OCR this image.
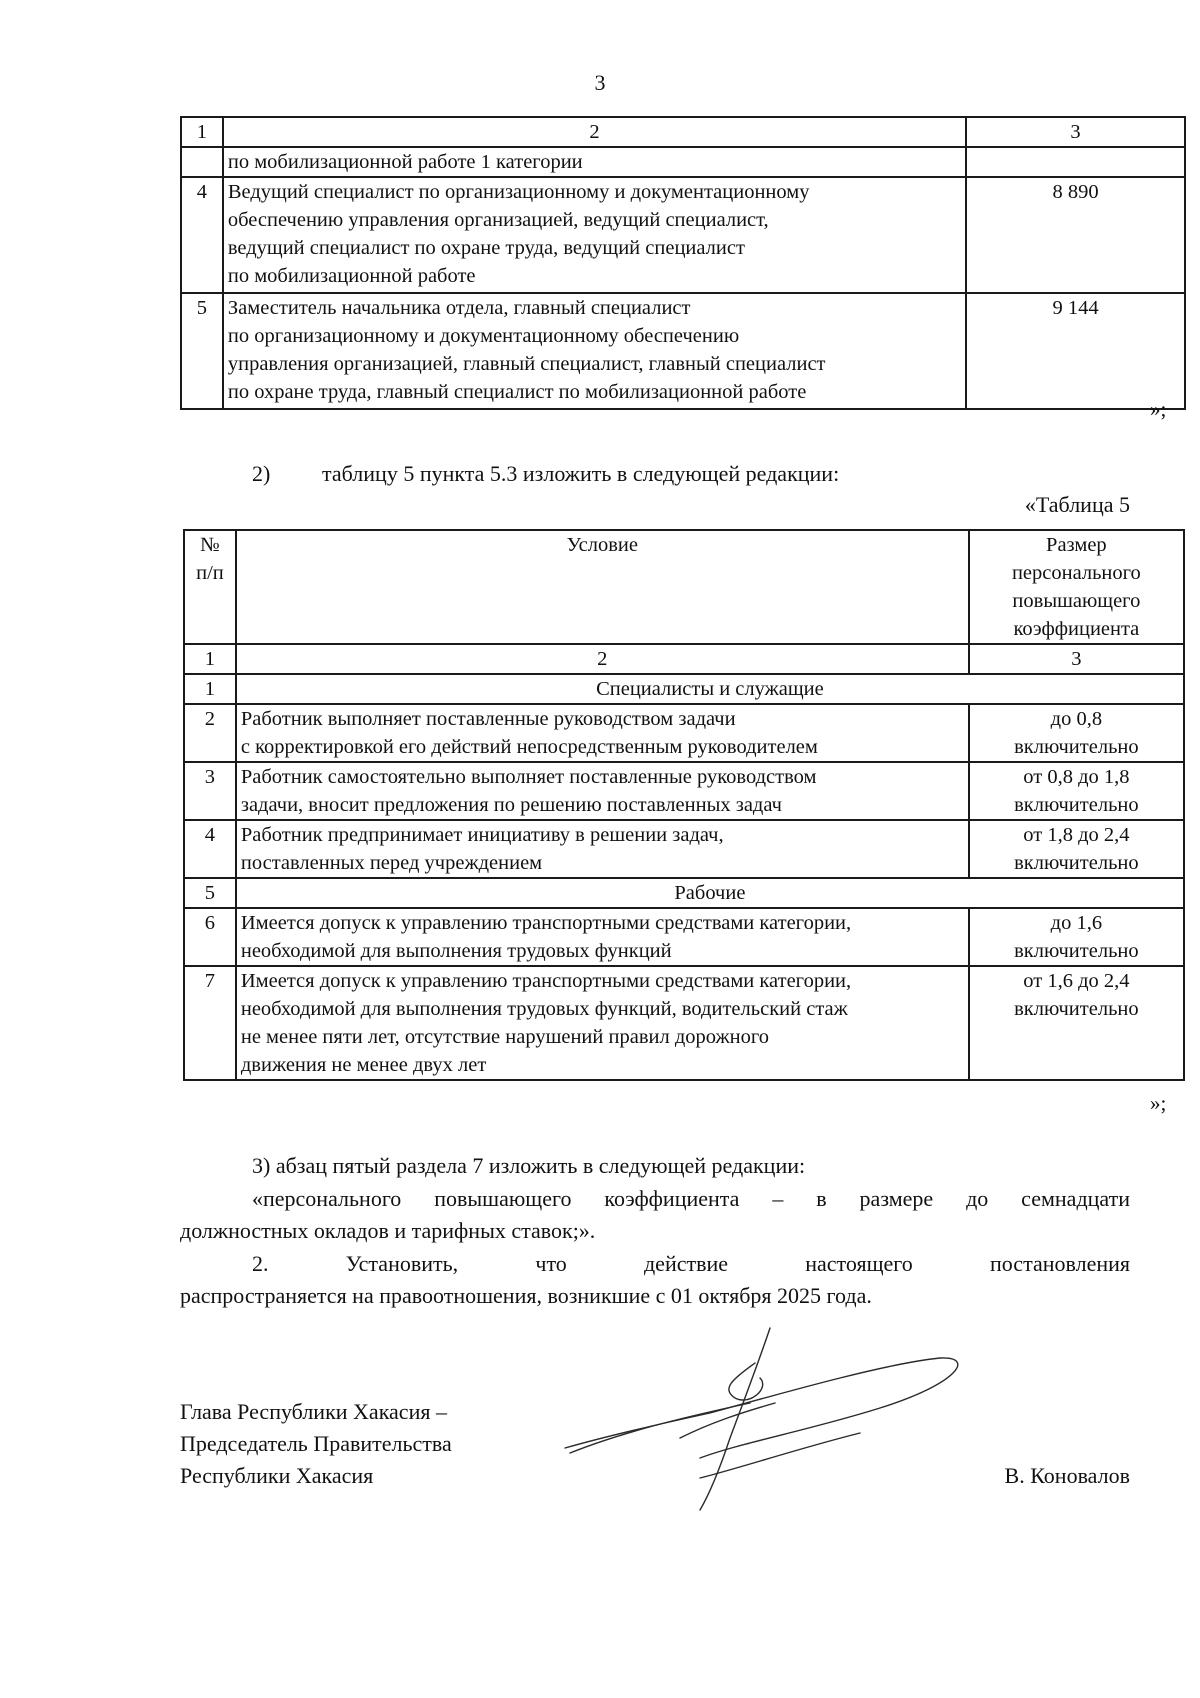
3
1	2	3

	по мобилизационной работе 1 категории	

4	Ведущий специалист по организационному и документационному
обеспечению управления организацией, ведущий специалист,
ведущий специалист по охране труда, ведущий специалист
по мобилизационной работе	8 890
5	Заместитель начальника отдела, главный специалист
по организационному и документационному обеспечению
управления организацией, главный специалист, главный специалист
по охране труда, главный специалист по мобилизационной работе	9 144
»;
2) таблицу 5 пункта 5.3 изложить в следующей редакции:
«Таблица 5
№
п/п	Условие	Размер
персонального
повышающего
коэффициента

1	2	3
1	Специалисты и служащие	
2	Работник выполняет поставленные руководством задачи
с корректировкой его действий непосредственным руководителем	до 0,8
включительно

3	Работник самостоятельно выполняет поставленные руководством
задачи, вносит предложения по решению поставленных задач	от 0,8 до 1,8
включительно

4	Работник предпринимает инициативу в решении задач,
поставленных перед учреждением	от 1,8 до 2,4
включительно

5	Рабочие	
6	Имеется допуск к управлению транспортными средствами категории,
необходимой для выполнения трудовых функций	до 1,6
включительно

7	Имеется допуск к управлению транспортными средствами категории,
необходимой для выполнения трудовых функций, водительский стаж
не менее пяти лет, отсутствие нарушений правил дорожного
движения не менее двух лет	от 1,6 до 2,4
включительно
»;
3) абзац пятый раздела 7 изложить в следующей редакции:
«персонального повышающего коэффициента – в размере до семнадцати
должностных окладов и тарифных ставок;».
2.   Установить,   что   действие   настоящего   постановления
распространяется на правоотношения, возникшие с 01 октября 2025 года.
Глава Республики Хакасия –
Председатель Правительства
Республики Хакасия	В. Коновалов
